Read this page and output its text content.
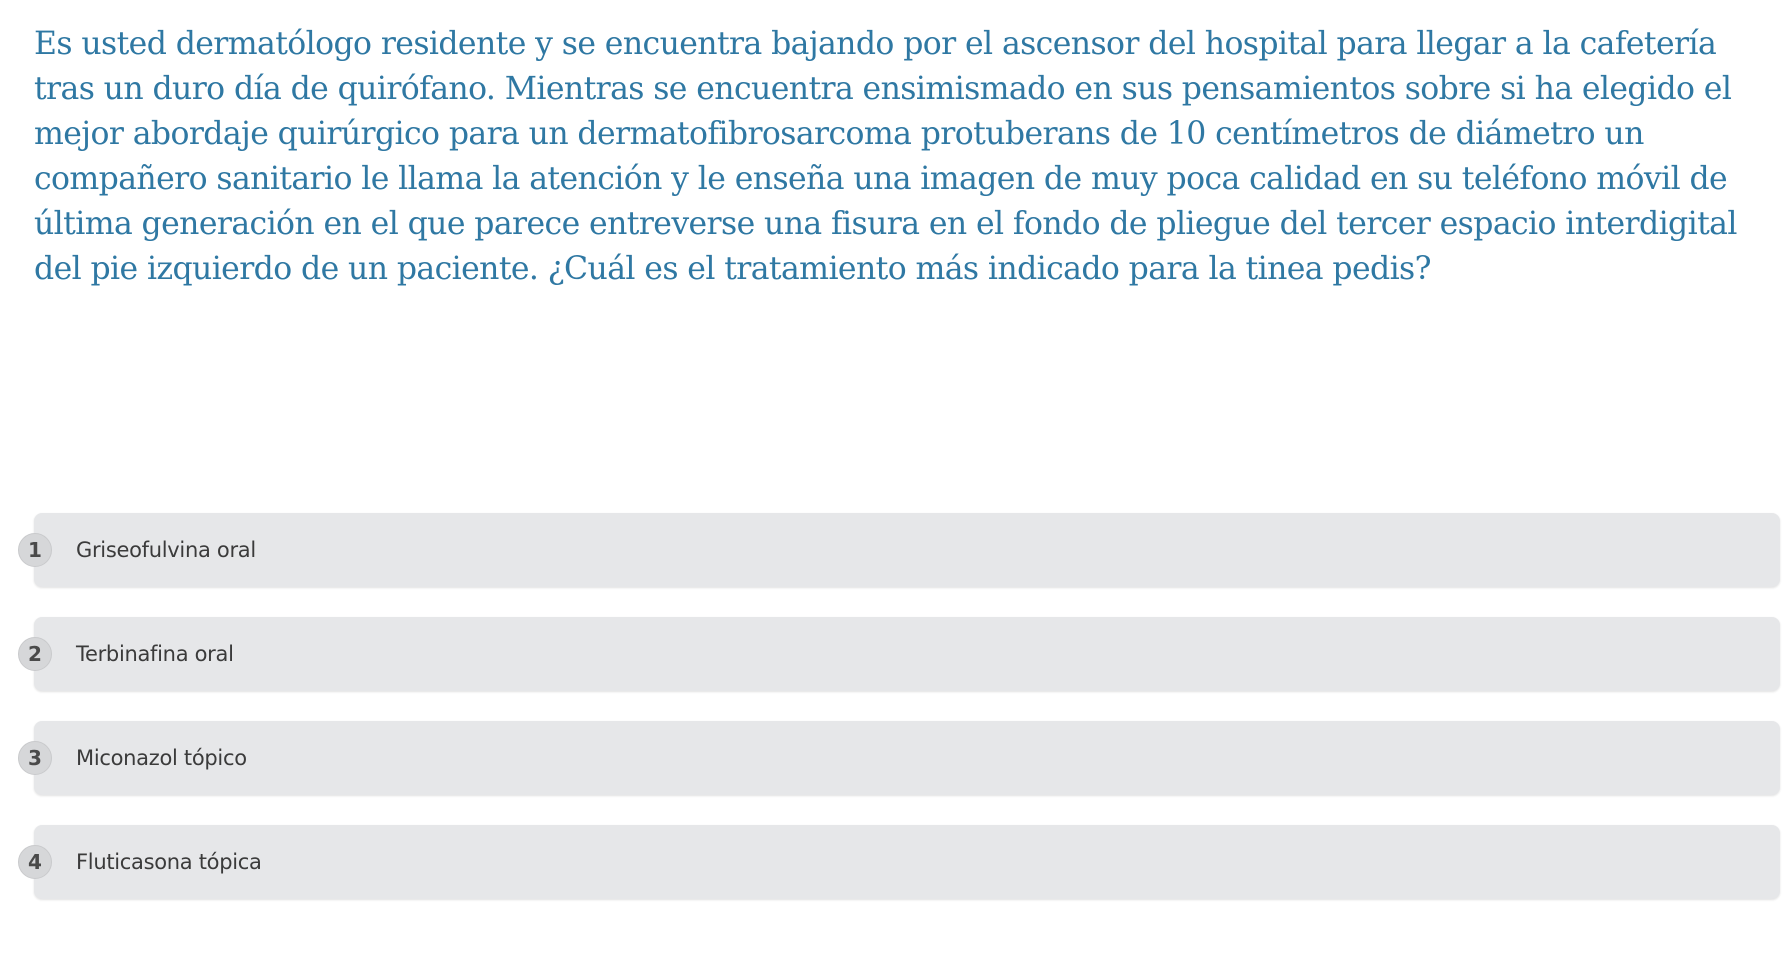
Es usted dermatólogo residente y se encuentra bajando por el ascensor del hospital para llegar a la cafetería tras un duro día de quirófano. Mientras se encuentra ensimismado en sus pensamientos sobre si ha elegido el mejor abordaje quirúrgico para un dermatofibrosarcoma protuberans de 10 centímetros de diámetro un compañero sanitario le llama la atención y le enseña una imagen de muy poca calidad en su teléfono móvil de última generación en el que parece entreverse una fisura en el fondo de pliegue del tercer espacio interdigital del pie izquierdo de un paciente. ¿Cuál es el tratamiento más indicado para la tinea pedis?

1	Griseofulvina oral
2	Terbinafina oral
3	Miconazol tópico
4	Fluticasona tópica
